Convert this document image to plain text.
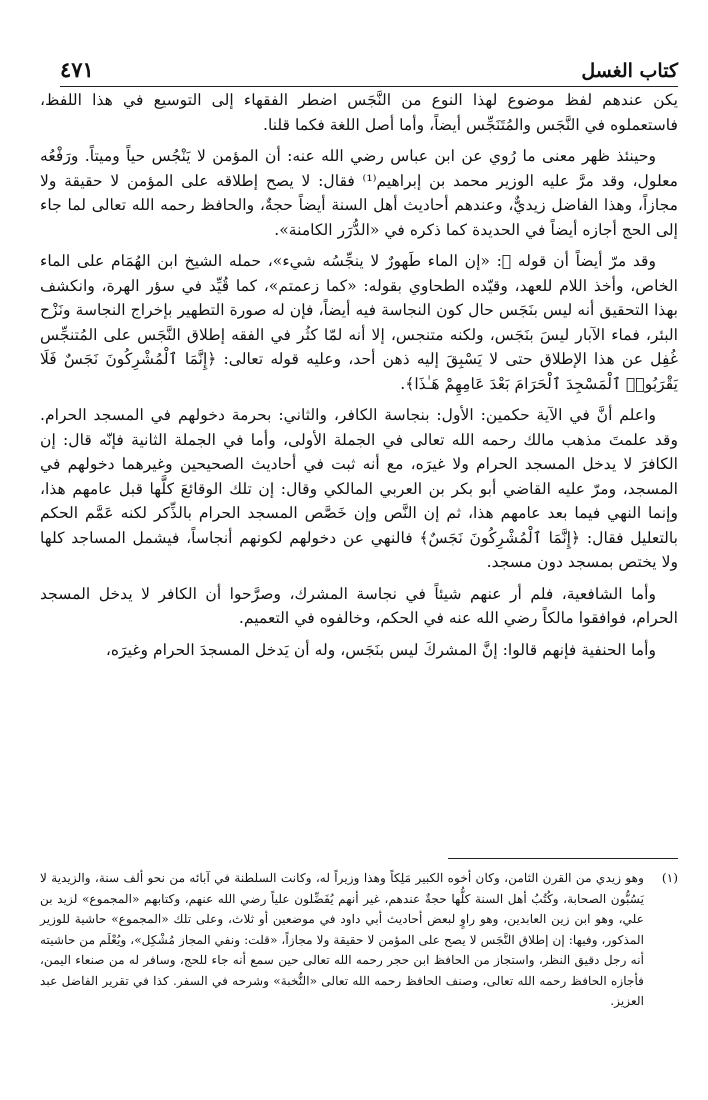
كتاب الغسل
٤٧١

يكن عندهم لفظ موضوع لهذا النوع من النَّجَس اضطر الفقهاء إلى التوسيع في هذا اللفظ، فاستعملوه في النَّجَس والمُتَنَجِّس أيضاً، وأما أصل اللغة فكما قلنا.

وحينئذ ظهر معنى ما رُوي عن ابن عباس رضي الله عنه: أن المؤمن لا يَنْجُس حياً وميتاً. ورَفْعُه معلول، وقد مرَّ عليه الوزير محمد بن إبراهيم⁽¹⁾ فقال: لا يصح إطلاقه على المؤمن لا حقيقة ولا مجازاً، وهذا الفاضل زيديٌّ، وعندهم أحاديث أهل السنة أيضاً حجةٌ، والحافظ رحمه الله تعالى لما جاء إلى الحج أجازه أيضاً في الحديدة كما ذكره في «الدُّرَر الكامنة».

وقد مرّ أيضاً أن قوله ﷺ: «إن الماء طَهورٌ لا ينجِّسُه شيء»، حمله الشيخ ابن الهُمَام على الماء الخاص، وأخذ اللام للعهد، وقيّده الطحاوي بقوله: «كما زعمتم»، كما قُيِّد في سؤر الهرة، وانكشف بهذا التحقيق أنه ليس بنَجَس حال كون النجاسة فيه أيضاً، فإن له صورة التطهير بإخراج النجاسة ونَزْح البئر، فماء الآبار ليسَ بنَجَس، ولكنه متنجس، إلا أنه لمّا كثُر في الفقه إطلاق النَّجَس على المُتنجِّس غُفِل عن هذا الإطلاق حتى لا يَسْبِقَ إليه ذهن أحد، وعليه قوله تعالى: ﴿إِنَّمَا ٱلْمُشْرِكُونَ نَجَسٌ فَلَا يَقْرَبُوا۟ ٱلْمَسْجِدَ ٱلْحَرَامَ بَعْدَ عَامِهِمْ هَـٰذَا﴾.

واعلم أنَّ في الآية حكمين: الأول: بنجاسة الكافر، والثاني: بحرمة دخولهم في المسجد الحرام. وقد علمتَ مذهب مالك رحمه الله تعالى في الجملة الأولى، وأما في الجملة الثانية فإنّه قال: إن الكافرَ لا يدخل المسجد الحرام ولا غيرَه، مع أنه ثبت في أحاديث الصحيحين وغيرهما دخولهم في المسجد، ومرّ عليه القاضي أبو بكر بن العربي المالكي وقال: إن تلك الوقائعَ كلَّها قبل عامهم هذا، وإنما النهي فيما بعد عامهم هذا، ثم إن النَّص وإن خَصَّص المسجد الحرام بالذِّكر لكنه عَمَّم الحكم بالتعليل فقال: ﴿إِنَّمَا ٱلْمُشْرِكُونَ نَجَسٌ﴾ فالنهي عن دخولهم لكونهم أنجاساً، فيشمل المساجد كلها ولا يختص بمسجد دون مسجد.

وأما الشافعية، فلم أر عنهم شيئاً في نجاسة المشرك، وصرَّحوا أن الكافر لا يدخل المسجد الحرام، فوافقوا مالكاً رضي الله عنه في الحكم، وخالفوه في التعميم.

وأما الحنفية فإنهم قالوا: إنَّ المشركَ ليس بنَجَس، وله أن يَدخل المسجدَ الحرام وغيرَه،

(١)
وهو زيدي من القرن الثامن، وكان أخوه الكبير مَلِكاً وهذا وزيراً له، وكانت السلطنة في آبائه من نحو ألف سنة، والزيدية لا يَسُبُّون الصحابة، وكُتُبُ أهل السنة كلُّها حجةٌ عندهم، غير أنهم يُفَضِّلون علياً رضي الله عنهم، وكتابهم «المجموع» لزيد بن علي، وهو ابن زين العابدين، وهو راوٍ لبعض أحاديث أبي داود في موضعين أو ثلاث، وعلى تلك «المجموع» حاشية للوزير المذكور، وفيها: إن إطلاق النَّجَس لا يصح على المؤمن لا حقيقة ولا مجازاً، «قلت: ونفي المجاز مُشْكِل»، ويُعْلَم من حاشيته أنه رجل دقيق النظر، واستجاز من الحافظ ابن حجر رحمه الله تعالى حين سمع أنه جاء للحج، وسافر له من صنعاء اليمن، فأجازه الحافظ رحمه الله تعالى، وصنف الحافظ رحمه الله تعالى «النُّخبة» وشرحه في السفر. كذا في تقرير الفاضل عبد العزيز.
